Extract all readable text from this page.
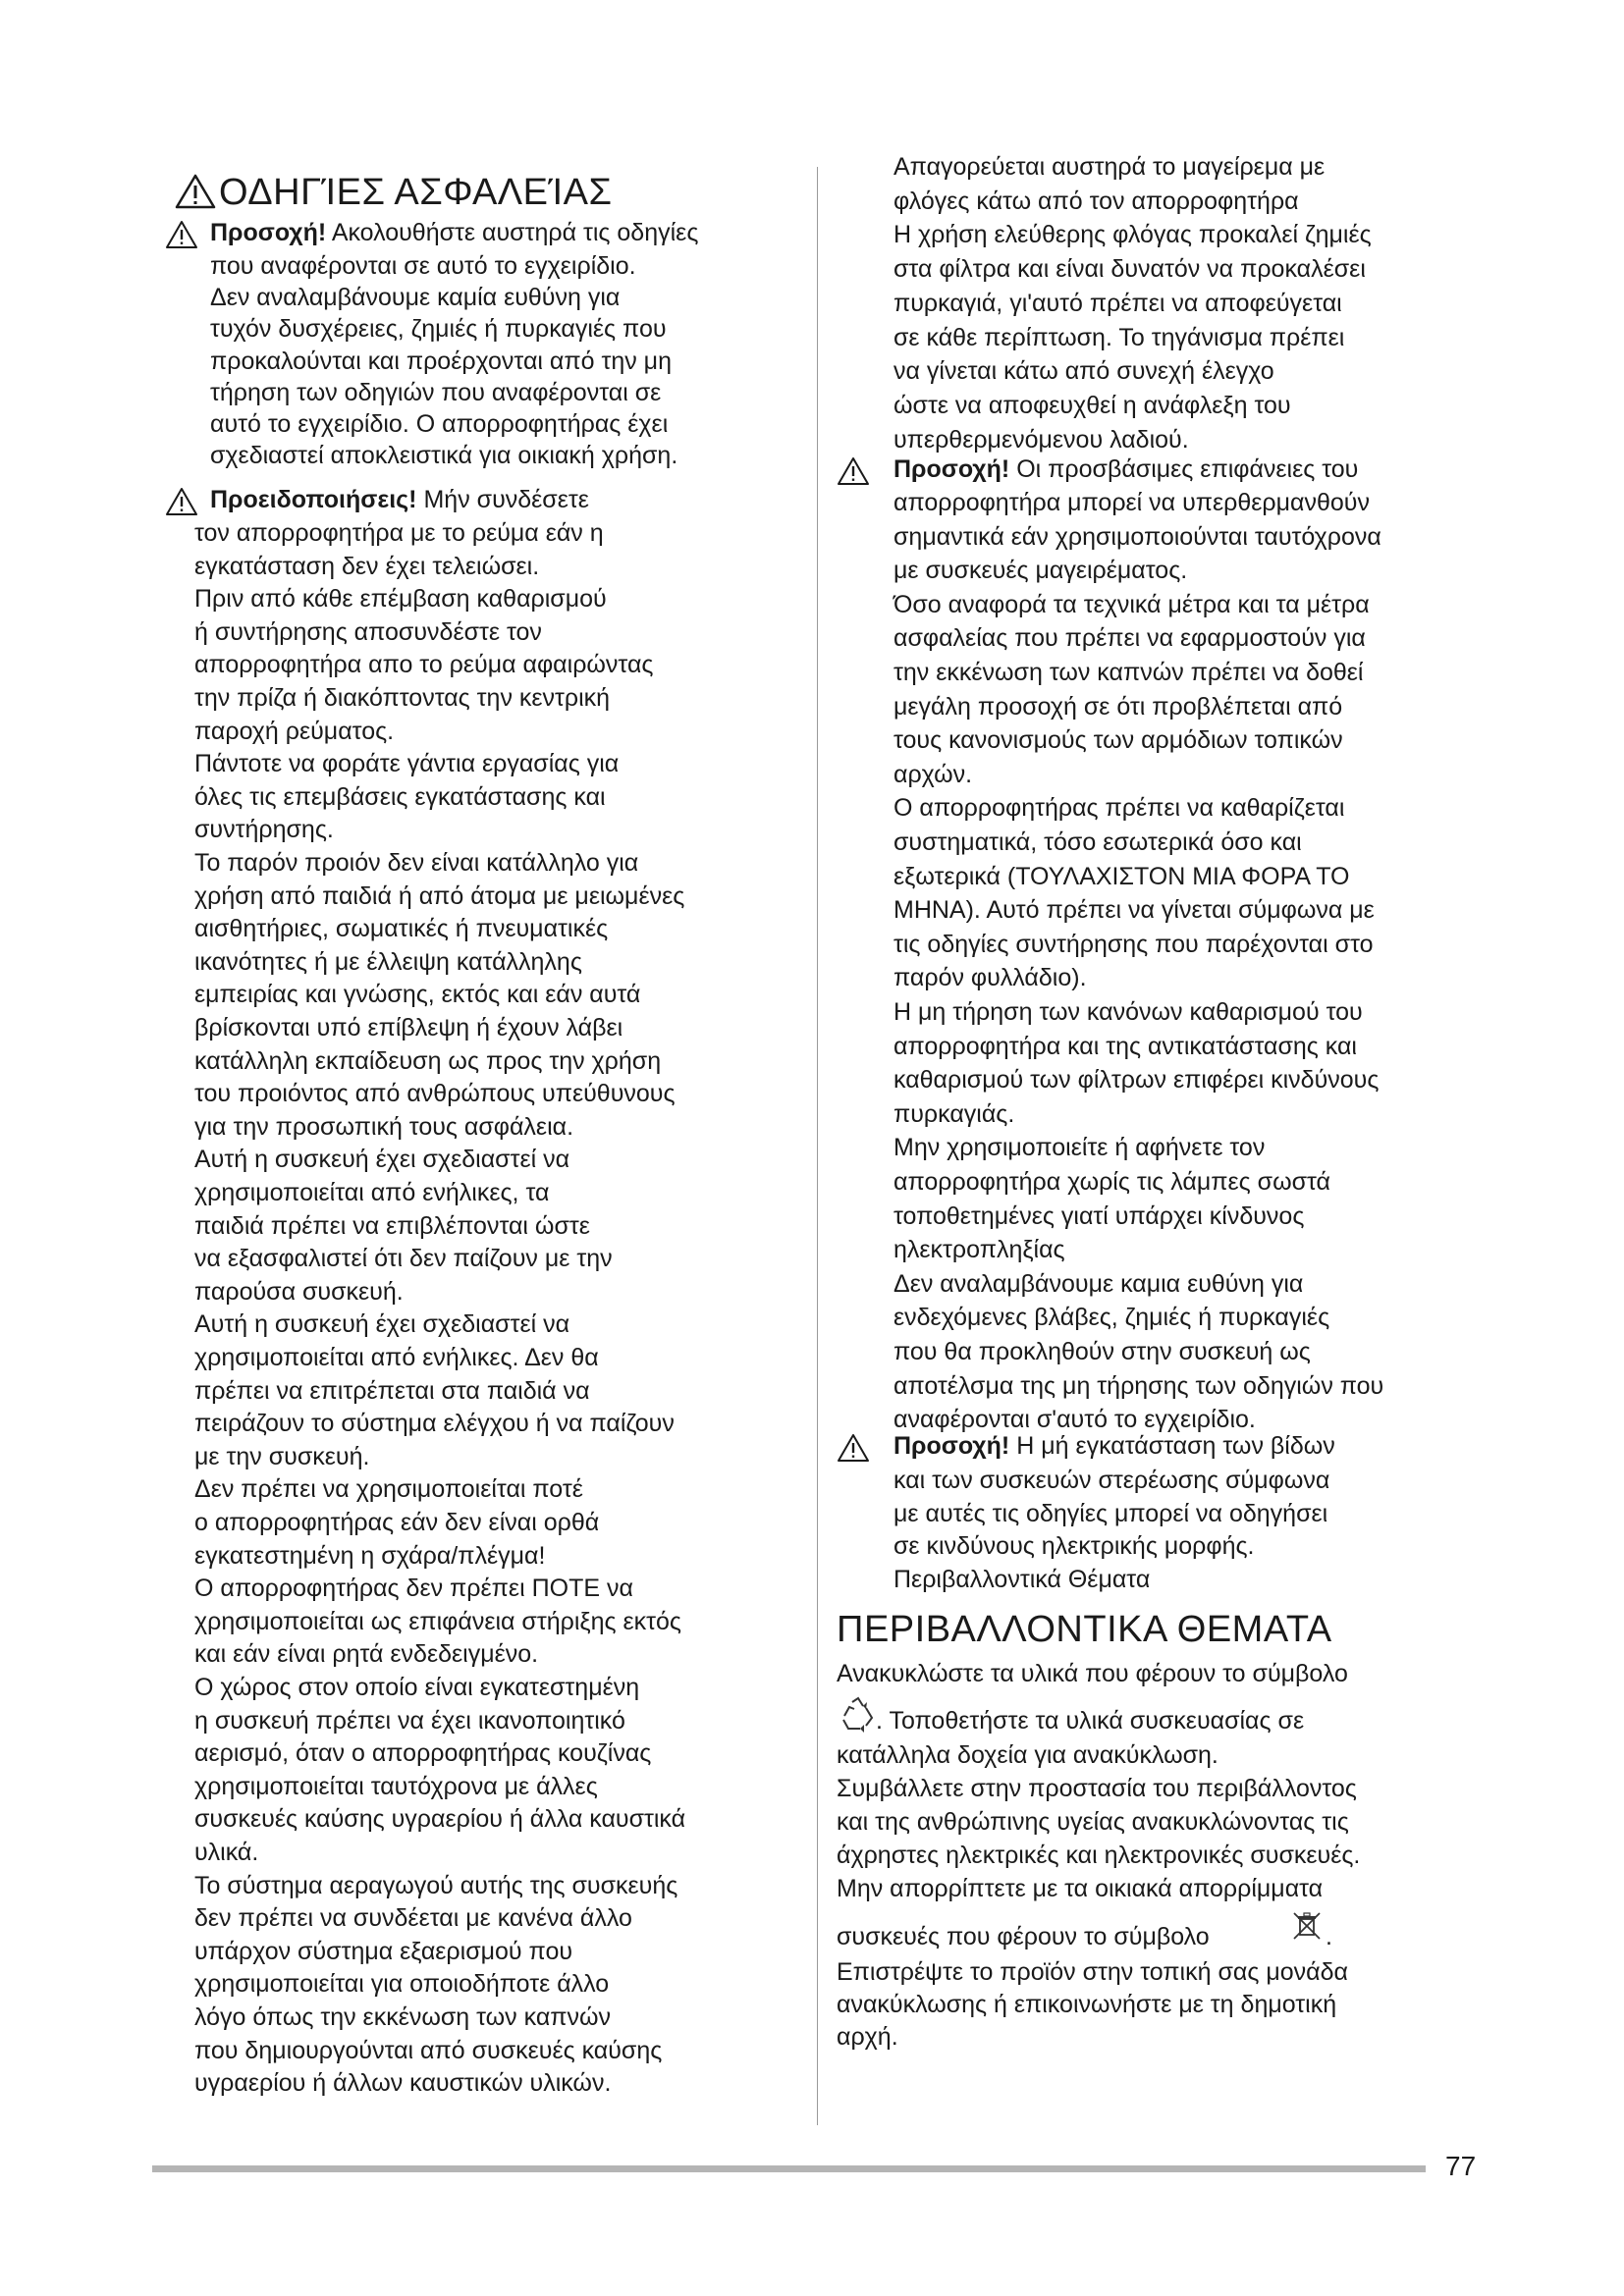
ΟΔΗΓΊΕΣ ΑΣΦΑΛΕΊΑΣ
Προσοχή! Ακολουθήστε αυστηρά τις οδηγίες
που αναφέρονται σε αυτό το εγχειρίδιο.
Δεν αναλαμβάνουμε καμία ευθύνη για
τυχόν δυσχέρειες, ζημιές ή πυρκαγιές που
προκαλούνται και προέρχονται από την μη
τήρηση των οδηγιών που αναφέρονται σε
αυτό το εγχειρίδιο. Ο απορροφητήρας έχει
σχεδιαστεί αποκλειστικά για οικιακή χρήση.
Προειδοποιήσεις! Μήν συνδέσετε
τον απορροφητήρα με το ρεύμα εάν η
εγκατάσταση δεν έχει τελειώσει.
Πριν από κάθε επέμβαση καθαρισμού
ή συντήρησης αποσυνδέστε τον
απορροφητήρα απο το ρεύμα αφαιρώντας
την πρίζα ή διακόπτοντας την κεντρική
παροχή ρεύματος.
Πάντοτε να φοράτε γάντια εργασίας για
όλες τις επεμβάσεις εγκατάστασης και
συντήρησης.
Το παρόν προιόν δεν είναι κατάλληλο για
χρήση από παιδιά ή από άτομα με μειωμένες
αισθητήριες, σωματικές ή πνευματικές
ικανότητες ή με έλλειψη κατάλληλης
εμπειρίας και γνώσης, εκτός και εάν αυτά
βρίσκονται υπό επίβλεψη ή έχουν λάβει
κατάλληλη εκπαίδευση ως προς την χρήση
του προιόντος από ανθρώπους υπεύθυνους
για την προσωπική τους ασφάλεια.
Αυτή η συσκευή έχει σχεδιαστεί να
χρησιμοποιείται από ενήλικες, τα
παιδιά πρέπει να επιβλέπονται ώστε
να εξασφαλιστεί ότι δεν παίζουν με την
παρούσα συσκευή.
Αυτή η συσκευή έχει σχεδιαστεί να
χρησιμοποιείται από ενήλικες. Δεν θα
πρέπει να επιτρέπεται στα παιδιά να
πειράζουν το σύστημα ελέγχου ή να παίζουν
με την συσκευή.
Δεν πρέπει να χρησιμοποιείται ποτέ
ο απορροφητήρας εάν δεν είναι ορθά
εγκατεστημένη η σχάρα/πλέγμα!
Ο απορροφητήρας δεν πρέπει ΠΟΤΕ να
χρησιμοποιείται ως επιφάνεια στήριξης εκτός
και εάν είναι ρητά ενδεδειγμένο.
Ο χώρος στον οποίο είναι εγκατεστημένη
η συσκευή πρέπει να έχει ικανοποιητικό
αερισμό, όταν ο απορροφητήρας κουζίνας
χρησιμοποιείται ταυτόχρονα με άλλες
συσκευές καύσης υγραερίου ή άλλα καυστικά
υλικά.
Το σύστημα αεραγωγού αυτής της συσκευής
δεν πρέπει να συνδέεται με κανένα άλλο
υπάρχον σύστημα εξαερισμού που
χρησιμοποιείται για οποιοδήποτε άλλο
λόγο όπως την εκκένωση των καπνών
που δημιουργούνται από συσκευές καύσης
υγραερίου ή άλλων καυστικών υλικών.
Απαγορεύεται αυστηρά το μαγείρεμα με
φλόγες κάτω από τον απορροφητήρα
Η χρήση ελεύθερης φλόγας προκαλεί ζημιές
στα φίλτρα και είναι δυνατόν να προκαλέσει
πυρκαγιά, γι'αυτό πρέπει να αποφεύγεται
σε κάθε περίπτωση. Το τηγάνισμα πρέπει
να γίνεται κάτω από συνεχή έλεγχο
ώστε να αποφευχθεί η ανάφλεξη του
υπερθερμενόμενου λαδιού.
Προσοχή! Οι προσβάσιμες επιφάνειες του
απορροφητήρα μπορεί να υπερθερμανθούν
σημαντικά εάν χρησιμοποιούνται ταυτόχρονα
με συσκευές μαγειρέματος.
Όσο αναφορά τα τεχνικά μέτρα και τα μέτρα
ασφαλείας που πρέπει να εφαρμοστούν για
την εκκένωση των καπνών πρέπει να δοθεί
μεγάλη προσοχή σε ότι προβλέπεται από
τους κανονισμούς των αρμόδιων τοπικών
αρχών.
Ο απορροφητήρας πρέπει να καθαρίζεται
συστηματικά, τόσο εσωτερικά όσο και
εξωτερικά (ΤΟΥΛΑΧΙΣΤΟΝ ΜΙΑ ΦΟΡΑ ΤΟ
ΜΗΝΑ). Αυτό πρέπει να γίνεται σύμφωνα με
τις οδηγίες συντήρησης που παρέχονται στο
παρόν φυλλάδιο).
Η μη τήρηση των κανόνων καθαρισμού του
απορροφητήρα και της αντικατάστασης και
καθαρισμού των φίλτρων επιφέρει κινδύνους
πυρκαγιάς.
Μην χρησιμοποιείτε ή αφήνετε τον
απορροφητήρα χωρίς τις λάμπες σωστά
τοποθετημένες γιατί υπάρχει κίνδυνος
ηλεκτροπληξίας
Δεν αναλαμβάνουμε καμια ευθύνη για
ενδεχόμενες βλάβες, ζημιές ή πυρκαγιές
που θα προκληθούν στην συσκευή ως
αποτέλσμα της μη τήρησης των οδηγιών που
αναφέρονται σ'αυτό το εγχειρίδιο.
Προσοχή! Η μή εγκατάσταση των βίδων
και των συσκευών στερέωσης σύμφωνα
με αυτές τις οδηγίες μπορεί να οδηγήσει
σε κινδύνους ηλεκτρικής μορφής.
Περιβαλλοντικά Θέματα
ΠΕΡΙΒΑΛΛΟΝΤΙΚΑ ΘΕΜΑΤΑ
Ανακυκλώστε τα υλικά που φέρουν το σύμβολο
. Τοποθετήστε τα υλικά συσκευασίας σε
κατάλληλα δοχεία για ανακύκλωση.
Συμβάλλετε στην προστασία του περιβάλλοντος
και της ανθρώπινης υγείας ανακυκλώνοντας τις
άχρηστες ηλεκτρικές και ηλεκτρονικές συσκευές.
Μην απορρίπτετε με τα οικιακά απορρίμματα
συσκευές που φέρουν το σύμβολο	.
Επιστρέψτε το προϊόν στην τοπική σας μονάδα
ανακύκλωσης ή επικοινωνήστε με τη δημοτική
αρχή.
77
